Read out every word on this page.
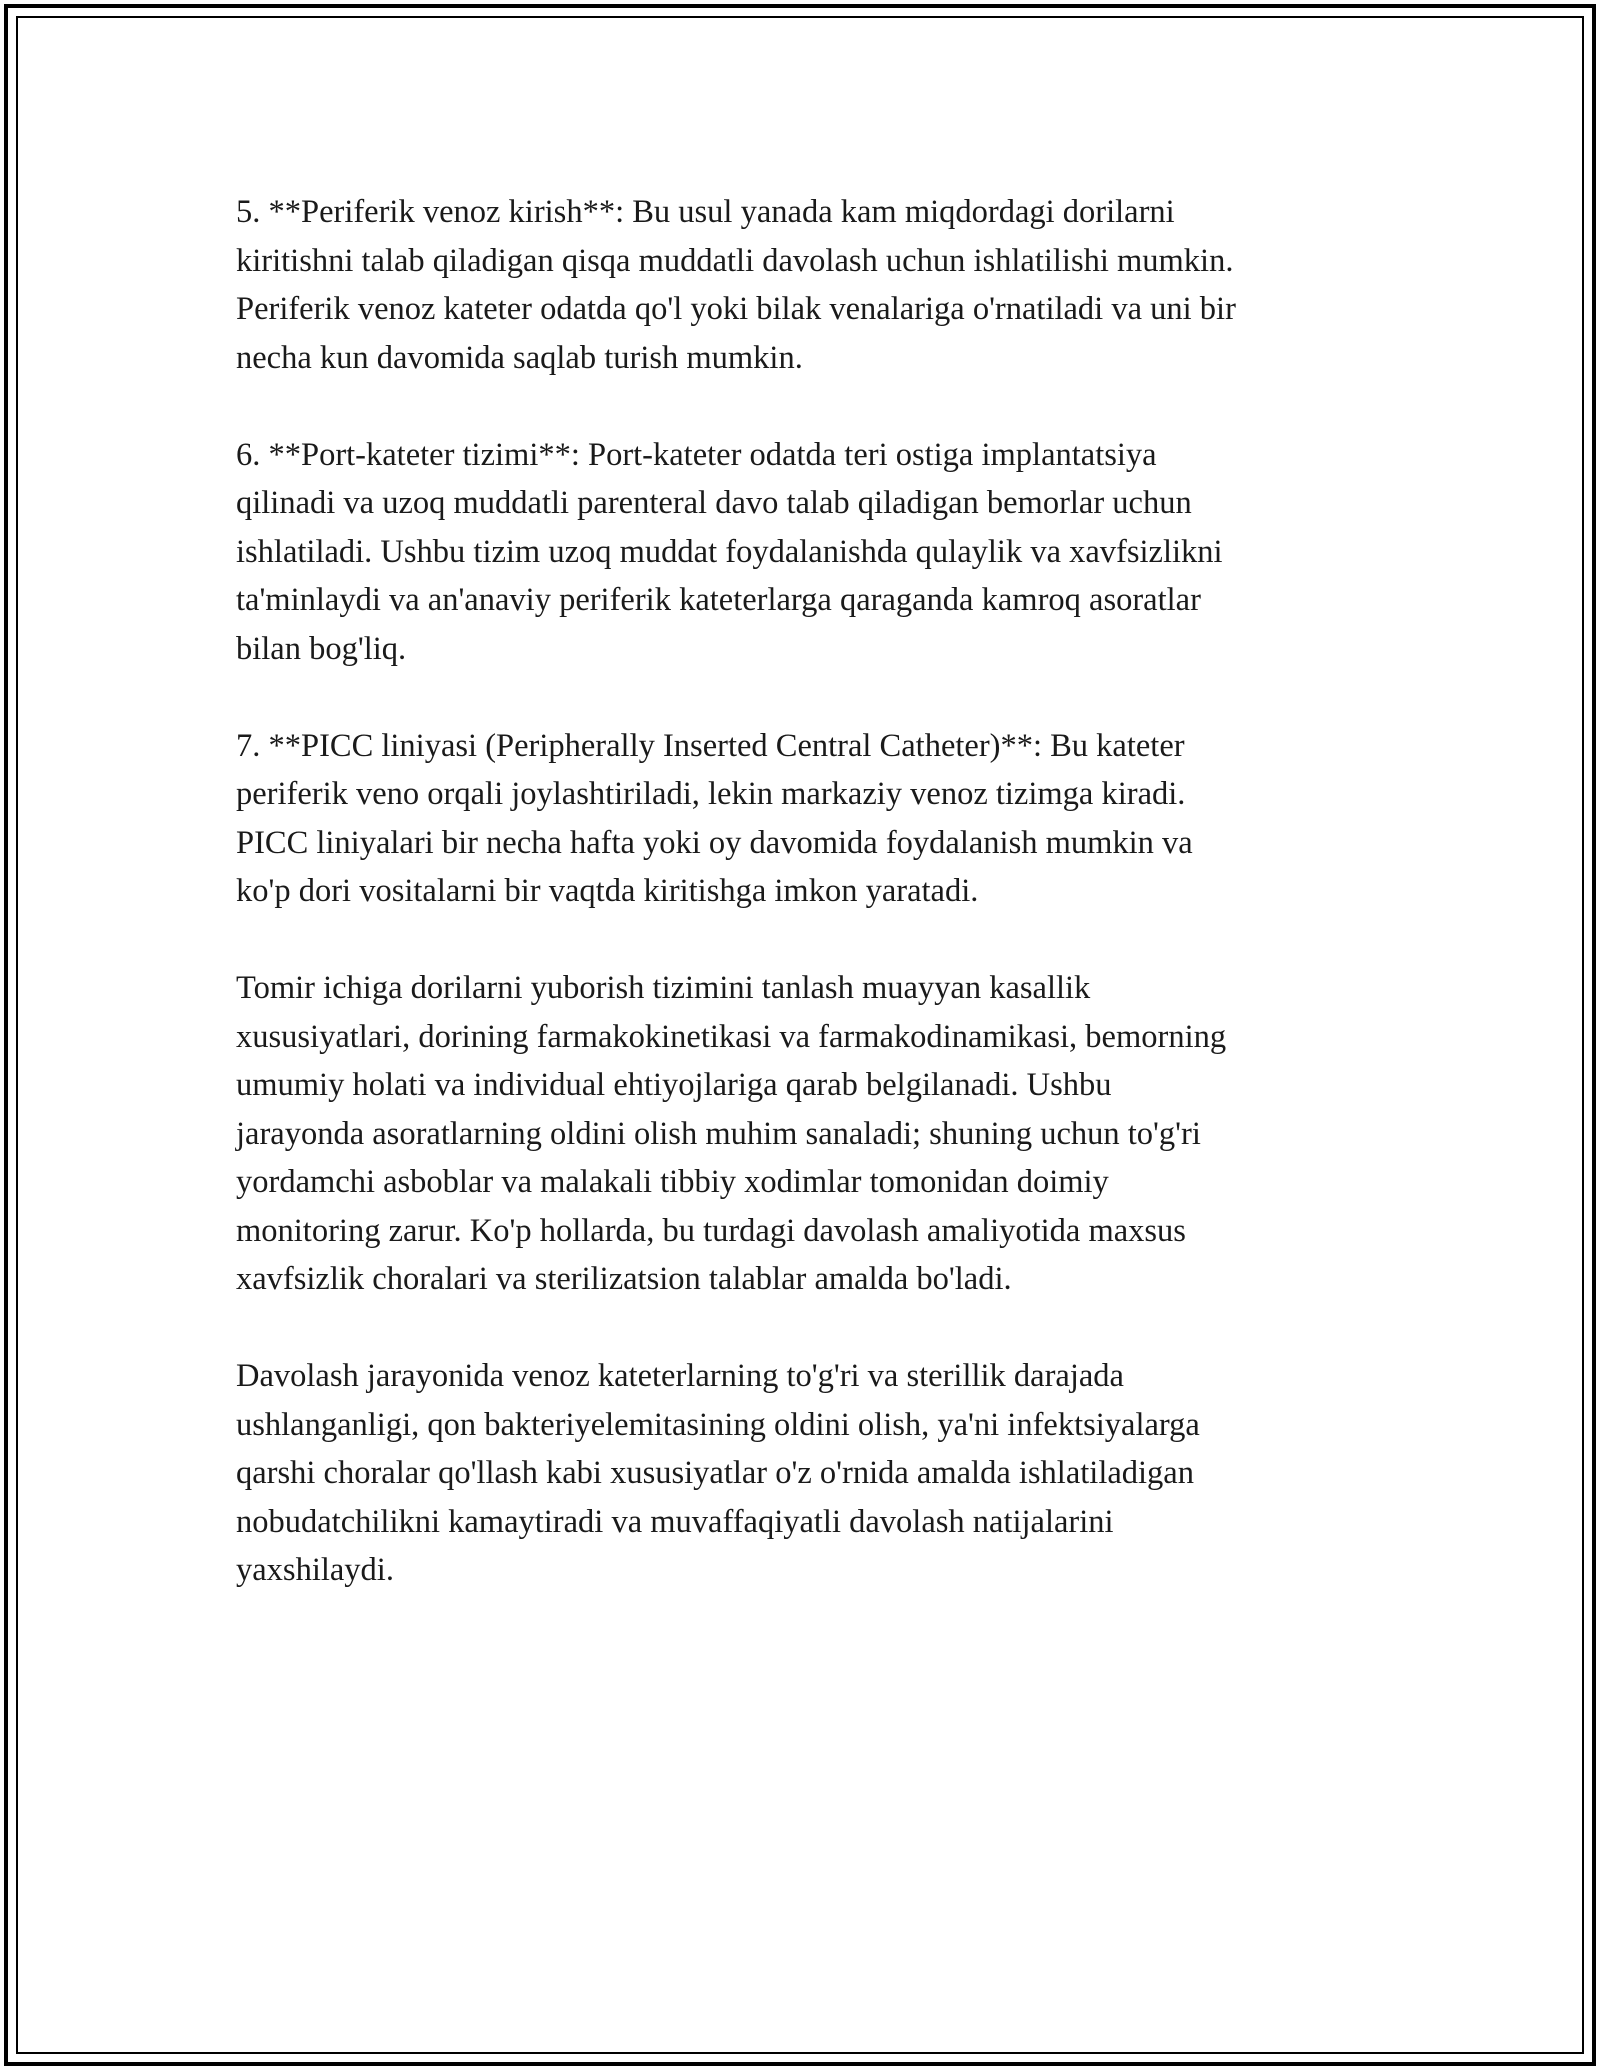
5. **Periferik venoz kirish**: Bu usul yanada kam miqdordagi dorilarni
kiritishni talab qiladigan qisqa muddatli davolash uchun ishlatilishi mumkin.
Periferik venoz kateter odatda qo'l yoki bilak venalariga o'rnatiladi va uni bir
necha kun davomida saqlab turish mumkin.

6. **Port-kateter tizimi**: Port-kateter odatda teri ostiga implantatsiya
qilinadi va uzoq muddatli parenteral davo talab qiladigan bemorlar uchun
ishlatiladi. Ushbu tizim uzoq muddat foydalanishda qulaylik va xavfsizlikni
ta'minlaydi va an'anaviy periferik kateterlarga qaraganda kamroq asoratlar
bilan bog'liq.

7. **PICC liniyasi (Peripherally Inserted Central Catheter)**: Bu kateter
periferik veno orqali joylashtiriladi, lekin markaziy venoz tizimga kiradi.
PICC liniyalari bir necha hafta yoki oy davomida foydalanish mumkin va
ko'p dori vositalarni bir vaqtda kiritishga imkon yaratadi.

Tomir ichiga dorilarni yuborish tizimini tanlash muayyan kasallik
xususiyatlari, dorining farmakokinetikasi va farmakodinamikasi, bemorning
umumiy holati va individual ehtiyojlariga qarab belgilanadi. Ushbu
jarayonda asoratlarning oldini olish muhim sanaladi; shuning uchun to'g'ri
yordamchi asboblar va malakali tibbiy xodimlar tomonidan doimiy
monitoring zarur. Ko'p hollarda, bu turdagi davolash amaliyotida maxsus
xavfsizlik choralari va sterilizatsion talablar amalda bo'ladi.

Davolash jarayonida venoz kateterlarning to'g'ri va sterillik darajada
ushlanganligi, qon bakteriyelemitasining oldini olish, ya'ni infektsiyalarga
qarshi choralar qo'llash kabi xususiyatlar o'z o'rnida amalda ishlatiladigan
nobudatchilikni kamaytiradi va muvaffaqiyatli davolash natijalarini
yaxshilaydi.
